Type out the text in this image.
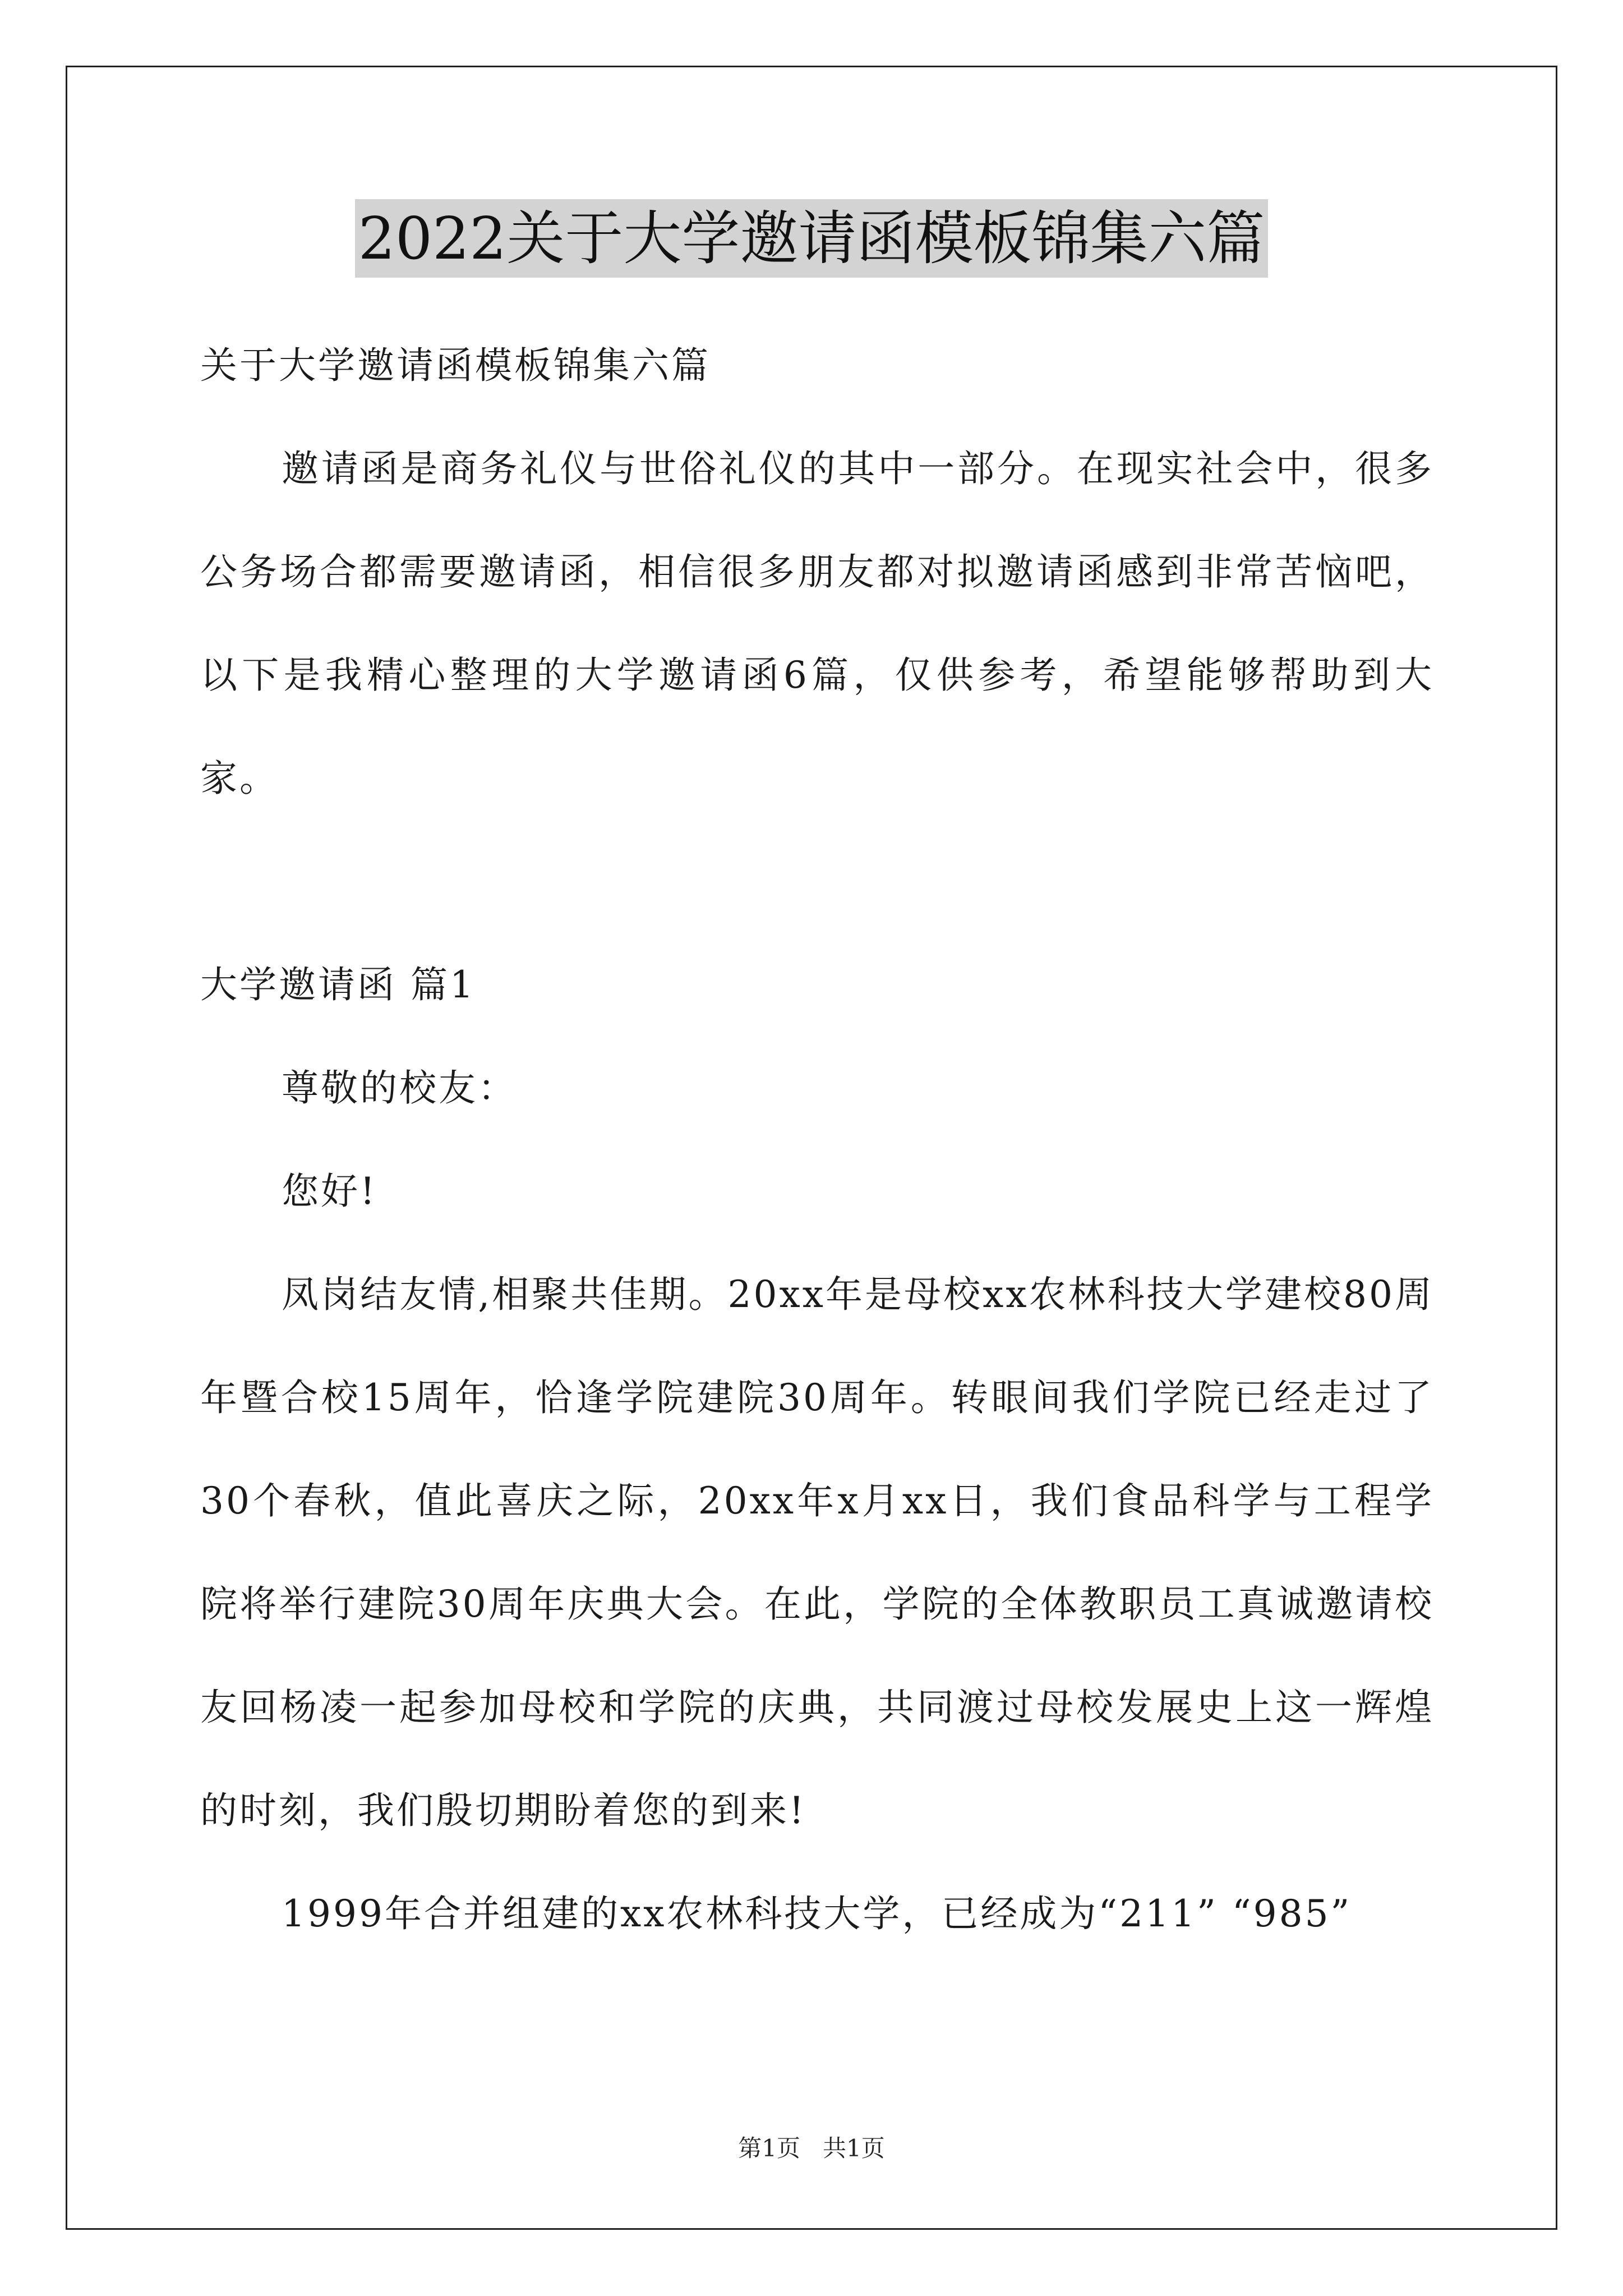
2022关于大学邀请函模板锦集六篇
关于大学邀请函模板锦集六篇

邀请函是商务礼仪与世俗礼仪的其中一部分。在现实社会中，很多公务场合都需要邀请函，相信很多朋友都对拟邀请函感到非常苦恼吧，以下是我精心整理的大学邀请函6篇，仅供参考，希望能够帮助到大家。

大学邀请函 篇1
尊敬的校友：
您好!

凤岗结友情,相聚共佳期。20xx年是母校xx农林科技大学建校80周年暨合校15周年，恰逢学院建院30周年。转眼间我们学院已经走过了30个春秋，值此喜庆之际，20xx年x月xx日，我们食品科学与工程学院将举行建院30周年庆典大会。在此，学院的全体教职员工真诚邀请校友回杨凌一起参加母校和学院的庆典，共同渡过母校发展史上这一辉煌的时刻，我们殷切期盼着您的到来!

1999年合并组建的xx农林科技大学，已经成为“211” “985”

第1页 共1页
